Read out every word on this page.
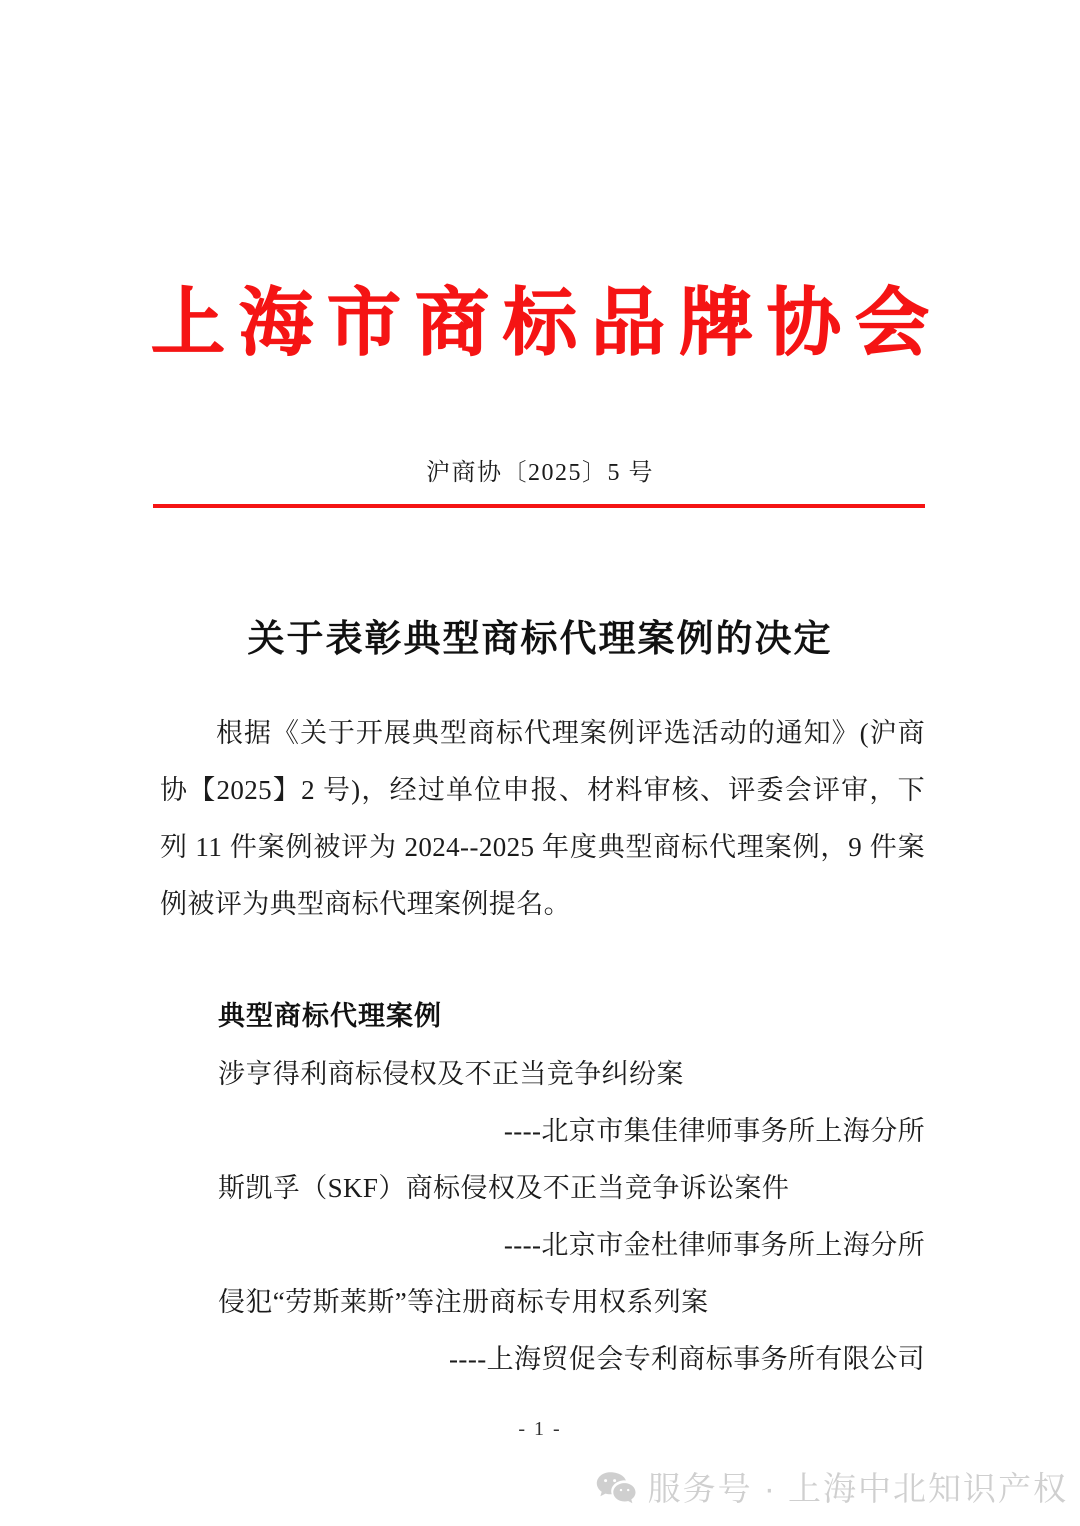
上海市商标品牌协会
沪商协〔2025〕5 号
关于表彰典型商标代理案例的决定

根据《关于开展典型商标代理案例评选活动的通知》(沪商协【2025】2 号)，经过单位申报、材料审核、评委会评审，下列 11 件案例被评为 2024--2025 年度典型商标代理案例，9 件案例被评为典型商标代理案例提名。

典型商标代理案例
涉亨得利商标侵权及不正当竞争纠纷案
----北京市集佳律师事务所上海分所
斯凯孚（SKF）商标侵权及不正当竞争诉讼案件
----北京市金杜律师事务所上海分所
侵犯“劳斯莱斯”等注册商标专用权系列案
----上海贸促会专利商标事务所有限公司
- 1 -
服务号 · 上海中北知识产权
